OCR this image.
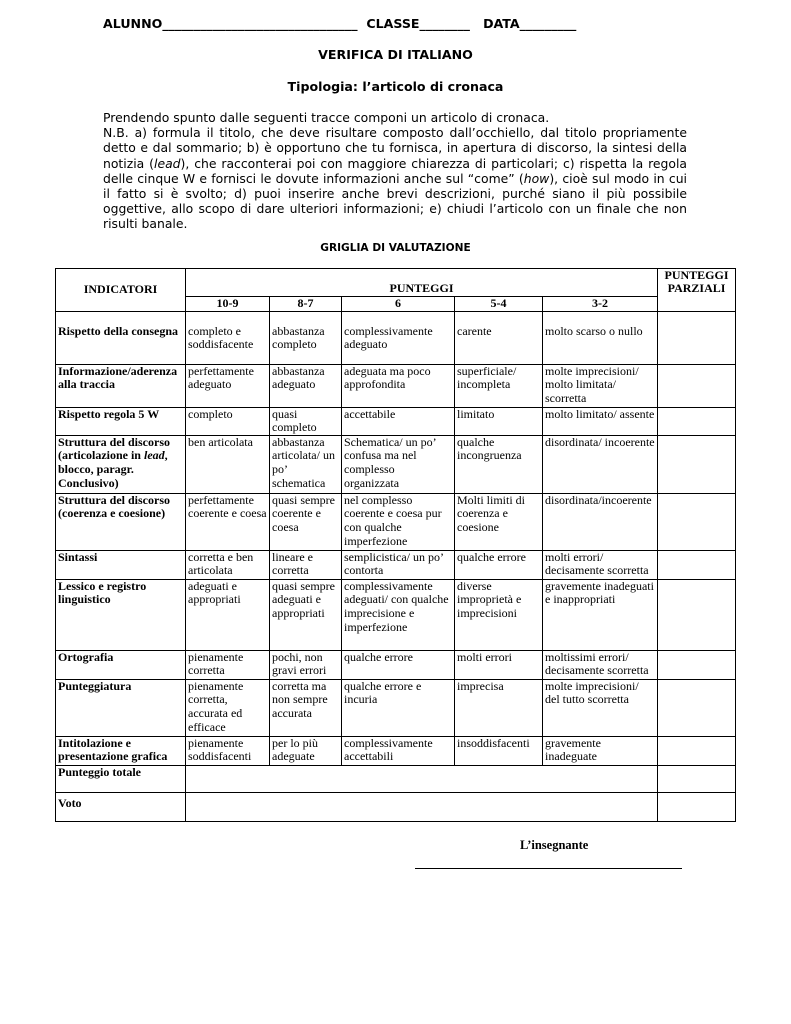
ALUNNO_______________________________ CLASSE________ DATA_________
VERIFICA DI ITALIANO
Tipologia: l’articolo di cronaca

Prendendo spunto dalle seguenti tracce componi un articolo di cronaca.

N.B. a) formula il titolo, che deve risultare composto dall’occhiello, dal titolo propriamente detto e dal sommario; b) è opportuno che tu fornisca, in apertura di discorso, la sintesi della notizia (lead), che racconterai poi con maggiore chiarezza di particolari; c) rispetta la regola delle cinque W e fornisci le dovute informazioni anche sul “come” (how), cioè sul modo in cui il fatto si è svolto; d) puoi inserire anche brevi descrizioni, purché siano il più possibile oggettive, allo scopo di dare ulteriori informazioni; e) chiudi l’articolo con un finale che non risulti banale.

GRIGLIA DI VALUTAZIONE
INDICATORI	PUNTEGGI					PUNTEGGI PARZIALI
	10-9	8-7	6	5-4	3-2	
Rispetto della consegna	completo e soddisfacente	abbastanza completo	complessivamente adeguato	carente	molto scarso o nullo	
Informazione/aderenza alla traccia	perfettamente adeguato	abbastanza adeguato	adeguata ma poco approfondita	superficiale/ incompleta	molte imprecisioni/ molto limitata/ scorretta	
Rispetto regola 5 W	completo	quasi completo	accettabile	limitato	molto limitato/ assente	
Struttura del discorso (articolazione in lead, blocco, paragr. Conclusivo)	ben articolata	abbastanza articolata/ un po’ schematica	Schematica/ un po’ confusa ma nel complesso organizzata	qualche incongruenza	disordinata/ incoerente	
Struttura del discorso (coerenza e coesione)	perfettamente coerente e coesa	quasi sempre coerente e coesa	nel complesso coerente e coesa pur con qualche imperfezione	Molti limiti di coerenza e coesione	disordinata/incoerente	
Sintassi	corretta e ben articolata	lineare e corretta	semplicistica/ un po’ contorta	qualche errore	molti errori/ decisamente scorretta	
Lessico e registro linguistico	adeguati e appropriati	quasi sempre adeguati e appropriati	complessivamente adeguati/ con qualche imprecisione e imperfezione	diverse improprietà e imprecisioni	gravemente inadeguati e inappropriati	
Ortografia	pienamente corretta	pochi, non gravi errori	qualche errore	molti errori	moltissimi errori/ decisamente scorretta	
Punteggiatura	pienamente corretta, accurata ed efficace	corretta ma non sempre accurata	qualche errore e incuria	imprecisa	molte imprecisioni/ del tutto scorretta	
Intitolazione e presentazione grafica	pienamente soddisfacenti	per lo più adeguate	complessivamente accettabili	insoddisfacenti	gravemente inadeguate	
Punteggio totale						
Voto						
L’insegnante
